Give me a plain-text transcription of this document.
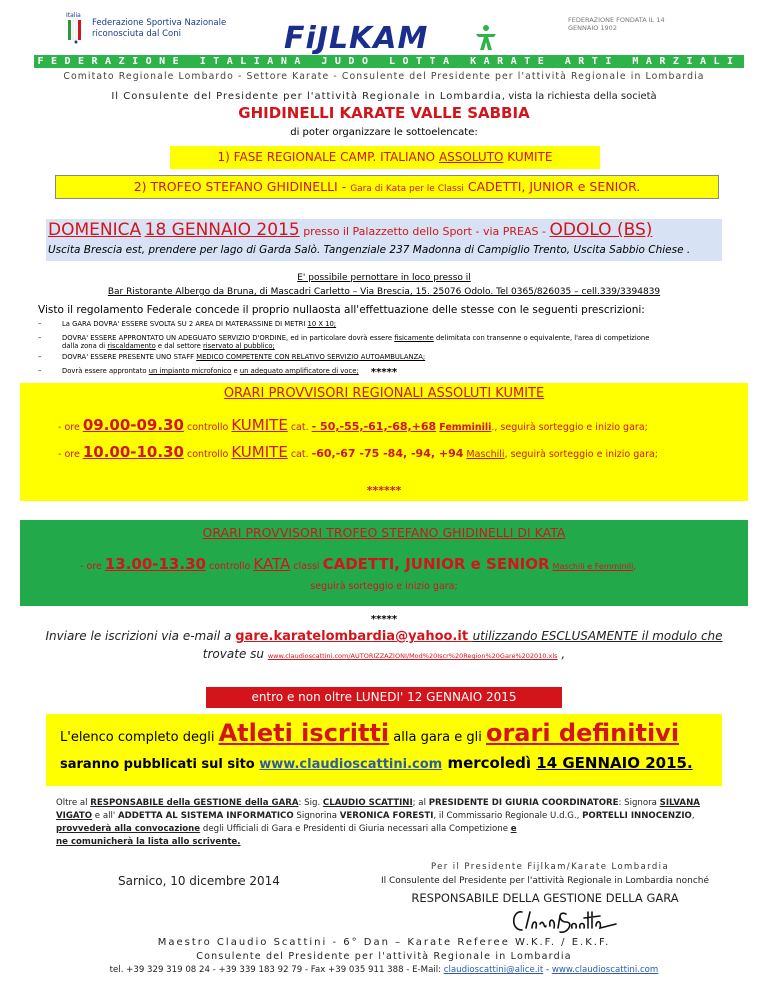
Italia
Federazione Sportiva Nazionale
riconosciuta dal Coni	FiJLKAM
FEDERAZIONE FONDATA IL 14 GENNAIO 1902
FEDERAZIONE ITALIANA JUDO LOTTA KARATE ARTI MARZIALI
Comitato Regionale Lombardo - Settore Karate - Consulente del Presidente per l'attività Regionale in Lombardia
Il Consulente del Presidente per l'attività Regionale in Lombardia, vista la richiesta della società
GHIDINELLI KARATE VALLE SABBIA
di poter organizzare le sottoelencate:
1) FASE REGIONALE CAMP. ITALIANO ASSOLUTO KUMITE
2) TROFEO STEFANO GHIDINELLI - Gara di Kata per le Classi CADETTI, JUNIOR e SENIOR.
DOMENICA 18 GENNAIO 2015 presso il Palazzetto dello Sport - via PREAS - ODOLO (BS)
Uscita Brescia est, prendere per lago di Garda Salò. Tangenziale 237 Madonna di Campiglio Trento, Uscita Sabbio Chiese .
E' possibile pernottare in loco presso il
Bar Ristorante Albergo da Bruna, di Mascadri Carletto – Via Brescia, 15. 25076 Odolo. Tel 0365/826035 – cell.339/3394839
Visto il regolamento Federale concede il proprio nullaosta all'effettuazione delle stesse con le seguenti prescrizioni:
–	La GARA DOVRA' ESSERE SVOLTA SU 2 AREA DI MATERASSINE DI METRI 10 X 10;
–	DOVRA' ESSERE APPRONTATO UN ADEGUATO SERVIZIO D'ORDINE, ed in particolare dovrà essere fisicamente delimitata con transenne o equivalente, l'area di competizione
dalla zona di riscaldamento e dal settore riservato al pubblico;
–	DOVRA' ESSERE PRESENTE UNO STAFF MEDICO COMPETENTE CON RELATIVO SERVIZIO AUTOAMBULANZA;
–	Dovrà essere approntato un impianto microfonico e un adeguato amplificatore di voce;	*****
ORARI PROVVISORI REGIONALI ASSOLUTI KUMITE
- ore 09.00-09.30 controllo KUMITE cat. - 50,-55,-61,-68,+68 Femminili., seguirà sorteggio e inizio gara;
- ore 10.00-10.30 controllo KUMITE cat. -60,-67 -75 -84, -94, +94 Maschili, seguirà sorteggio e inizio gara;
******
ORARI PROVVISORI TROFEO STEFANO GHIDINELLI DI KATA
- ore 13.00-13.30 controllo KATA classi CADETTI, JUNIOR e SENIOR Maschili e Femminili,
seguirà sorteggio e inizio gara;
*****
Inviare le iscrizioni via e-mail a gare.karatelombardia@yahoo.it utilizzando ESCLUSAMENTE il modulo che
trovate su www.claudioscattini.com/AUTORIZZAZIONI/Mod%20Iscr%20Region%20Gare%202010.xls ,
entro e non oltre LUNEDI' 12 GENNAIO 2015
L'elenco completo degli Atleti iscritti alla gara e gli orari definitivi
saranno pubblicati sul sito www.claudioscattini.com mercoledì 14 GENNAIO 2015.
Oltre al RESPONSABILE della GESTIONE della GARA: Sig. CLAUDIO SCATTINI; al PRESIDENTE DI GIURIA COORDINATORE: Signora SILVANA VIGATO e all' ADDETTA AL SISTEMA INFORMATICO Signorina VERONICA FORESTI, il Commissario Regionale U.d.G., PORTELLI INNOCENZIO, provvederà alla convocazione degli Ufficiali di Gara e Presidenti di Giuria necessari alla Competizione e
ne comunicherà la lista allo scrivente.
Per il Presidente Fijlkam/Karate Lombardia
Sarnico, 10 dicembre 2014	Il Consulente del Presidente per l'attività Regionale in Lombardia nonché
RESPONSABILE DELLA GESTIONE DELLA GARA
Maestro Claudio Scattini - 6° Dan – Karate Referee W.K.F. / E.K.F.
Consulente del Presidente per l'attività Regionale in Lombardia
tel. +39 329 319 08 24 - +39 339 183 92 79 - Fax +39 035 911 388 - E-Mail: claudioscattini@alice.it - www.claudioscattini.com
